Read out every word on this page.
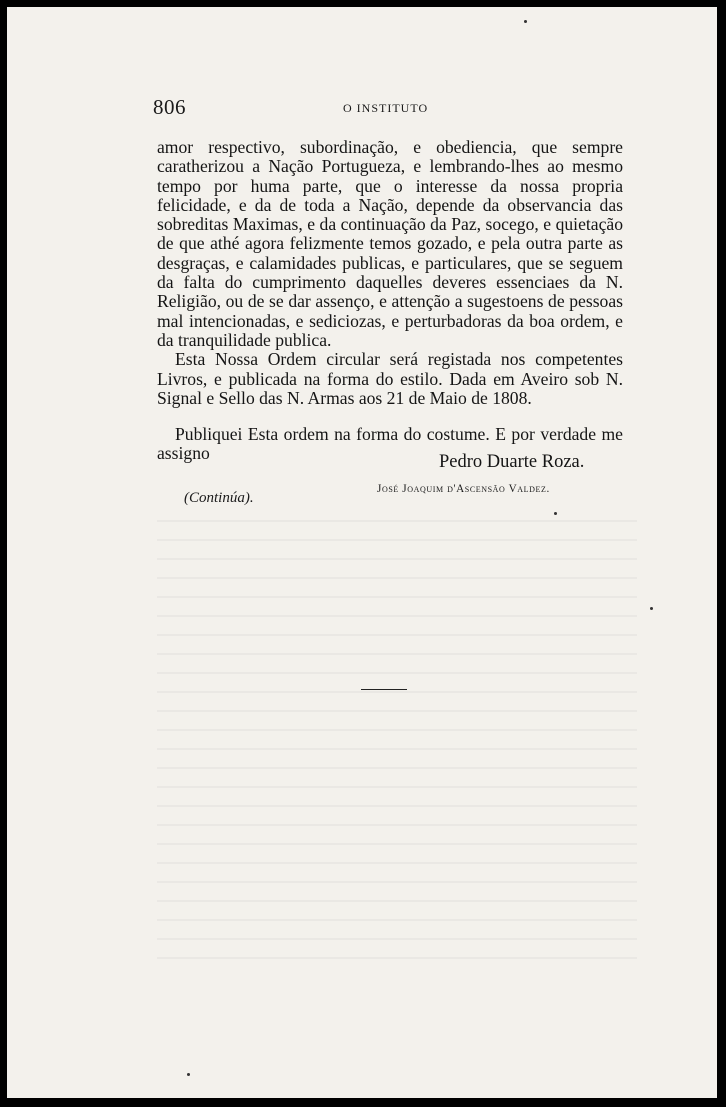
806	O INSTITUTO

amor respectivo, subordinação, e obediencia, que sempre caratherizou a Nação Portugueza, e lembrando-lhes ao mesmo tempo por huma parte, que o interesse da nossa propria felicidade, e da de toda a Nação, depende da observancia das sobreditas Maximas, e da continuação da Paz, socego, e quietação de que athé agora felizmente temos gozado, e pela outra parte as desgraças, e calamidades publicas, e particulares, que se seguem da falta do cumprimento daquelles deveres essenciaes da N. Religião, ou de se dar assenço, e attenção a sugestoens de pessoas mal intencionadas, e sediciozas, e perturbadoras da boa ordem, e da tranquilidade publica.

Esta Nossa Ordem circular será registada nos competentes Livros, e publicada na forma do estilo. Dada em Aveiro sob N. Signal e Sello das N. Armas aos 21 de Maio de 1808.

Publiquei Esta ordem na forma do costume. E por verdade me assigno	Pedro Duarte Roza.
(Continúa).
José Joaquim d'Ascensão Valdez.
